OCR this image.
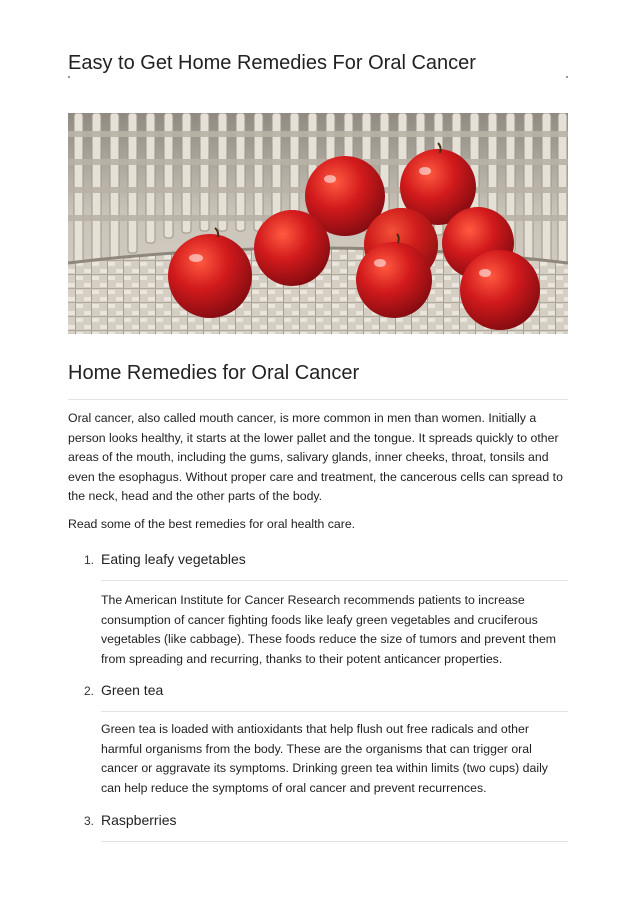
Easy to Get Home Remedies For Oral Cancer
Home Remedies for Oral Cancer

Oral cancer, also called mouth cancer, is more common in men than women. Initially a person looks healthy, it starts at the lower pallet and the tongue. It spreads quickly to other areas of the mouth, including the gums, salivary glands, inner cheeks, throat, tonsils and even the esophagus. Without proper care and treatment, the cancerous cells can spread to the neck, head and the other parts of the body.

Read some of the best remedies for oral health care.

1. Eating leafy vegetables

The American Institute for Cancer Research recommends patients to increase consumption of cancer fighting foods like leafy green vegetables and cruciferous vegetables (like cabbage). These foods reduce the size of tumors and prevent them from spreading and recurring, thanks to their potent anticancer properties.

2. Green tea

Green tea is loaded with antioxidants that help flush out free radicals and other harmful organisms from the body. These are the organisms that can trigger oral cancer or aggravate its symptoms. Drinking green tea within limits (two cups) daily can help reduce the symptoms of oral cancer and prevent recurrences.

3. Raspberries
